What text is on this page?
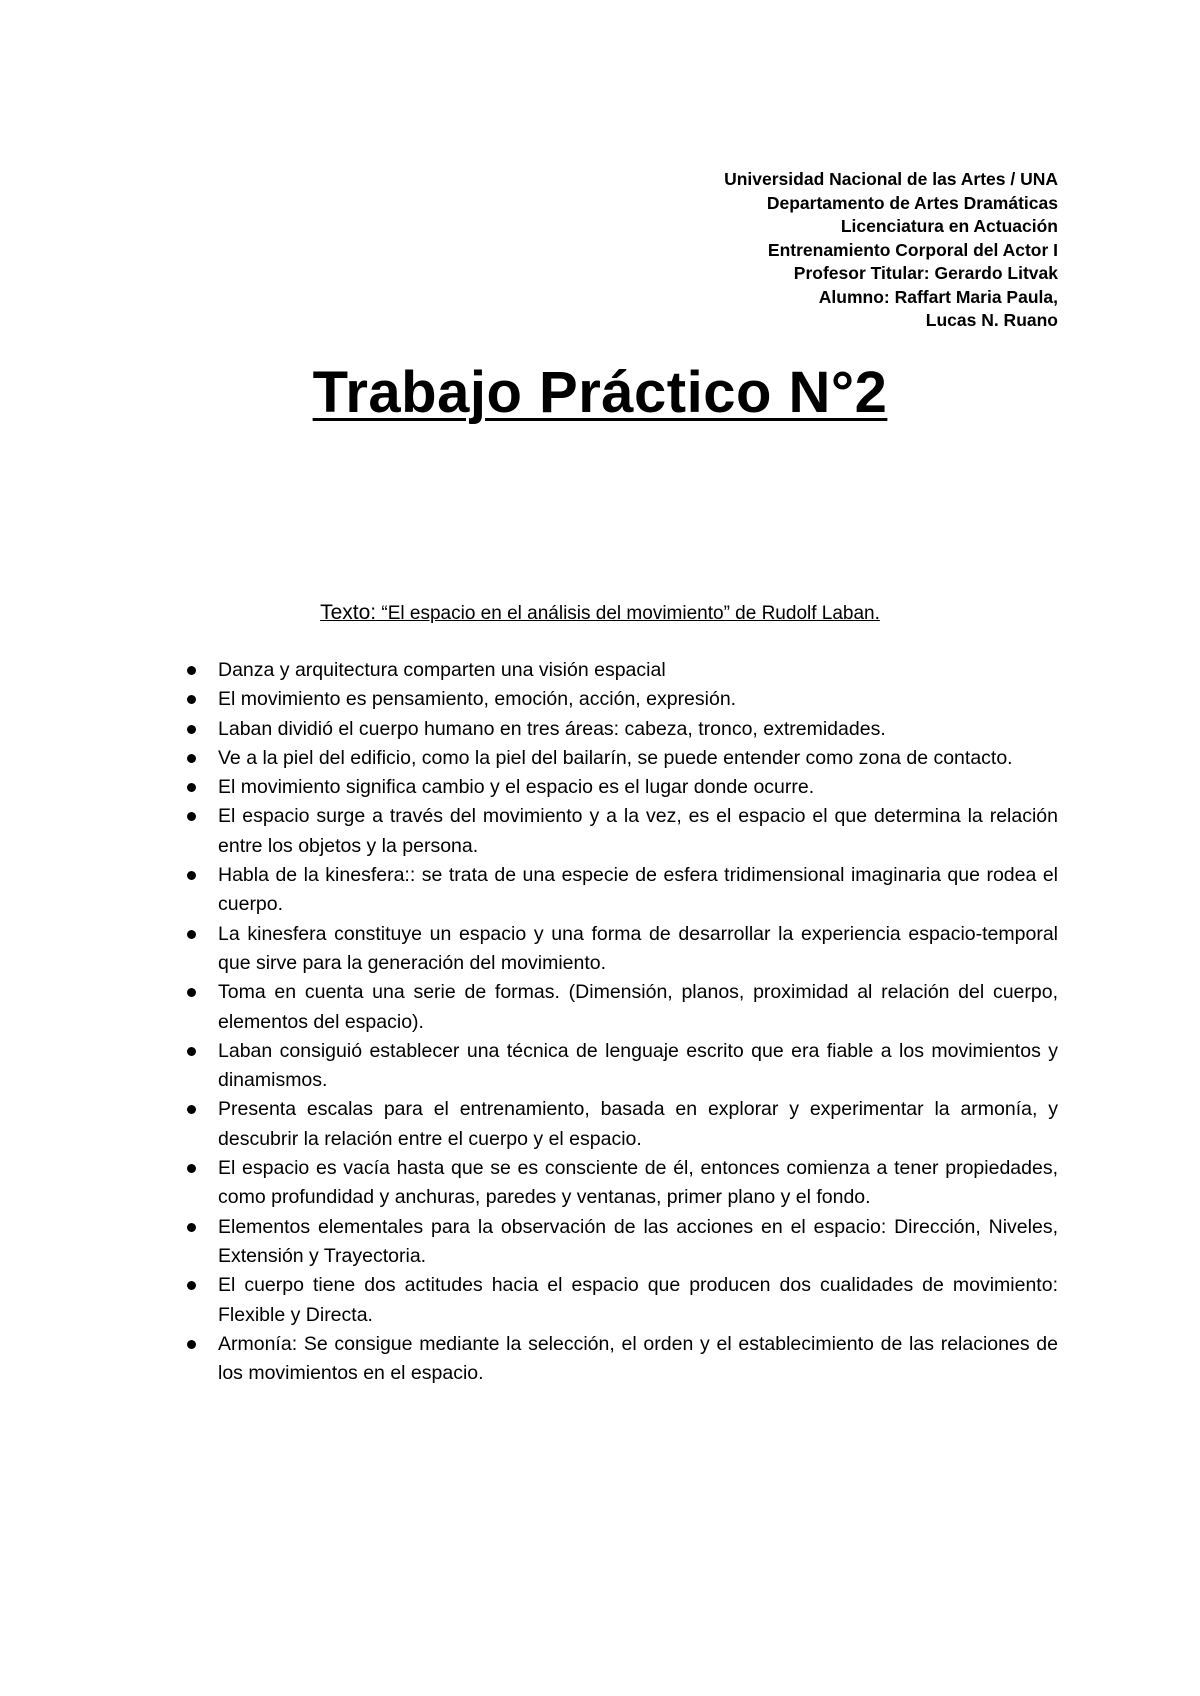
Universidad Nacional de las Artes / UNA
Departamento de Artes Dramáticas
Licenciatura en Actuación
Entrenamiento Corporal del Actor I
Profesor Titular: Gerardo Litvak
Alumno: Raffart Maria Paula,
Lucas N. Ruano
Trabajo Práctico N°2
Texto: “El espacio en el análisis del movimiento” de Rudolf Laban.
Danza y arquitectura comparten una visión espacial
El movimiento es pensamiento, emoción, acción, expresión.
Laban dividió el cuerpo humano en tres áreas: cabeza, tronco, extremidades.
Ve a la piel del edificio, como la piel del bailarín, se puede entender como zona de contacto.
El movimiento significa cambio y el espacio es el lugar donde ocurre.
El espacio surge a través del movimiento y a la vez, es el espacio el que determina la relación entre los objetos y la persona.
Habla de la kinesfera:: se trata de una especie de esfera tridimensional imaginaria que rodea el cuerpo.
La kinesfera constituye un espacio y una forma de desarrollar la experiencia espacio-temporal que sirve para la generación del movimiento.
Toma en cuenta una serie de formas. (Dimensión, planos, proximidad al relación del cuerpo, elementos del espacio).
Laban consiguió establecer una técnica de lenguaje escrito que era fiable a los movimientos y dinamismos.
Presenta escalas para el entrenamiento, basada en explorar y experimentar la armonía, y descubrir la relación entre el cuerpo y el espacio.
El espacio es vacía hasta que se es consciente de él, entonces comienza a tener propiedades, como profundidad y anchuras, paredes y ventanas, primer plano y el fondo.
Elementos elementales para la observación de las acciones en el espacio: Dirección, Niveles, Extensión y Trayectoria.
El cuerpo tiene dos actitudes hacia el espacio que producen dos cualidades de movimiento: Flexible y Directa.
Armonía: Se consigue mediante la selección, el orden y el establecimiento de las relaciones de los movimientos en el espacio.
